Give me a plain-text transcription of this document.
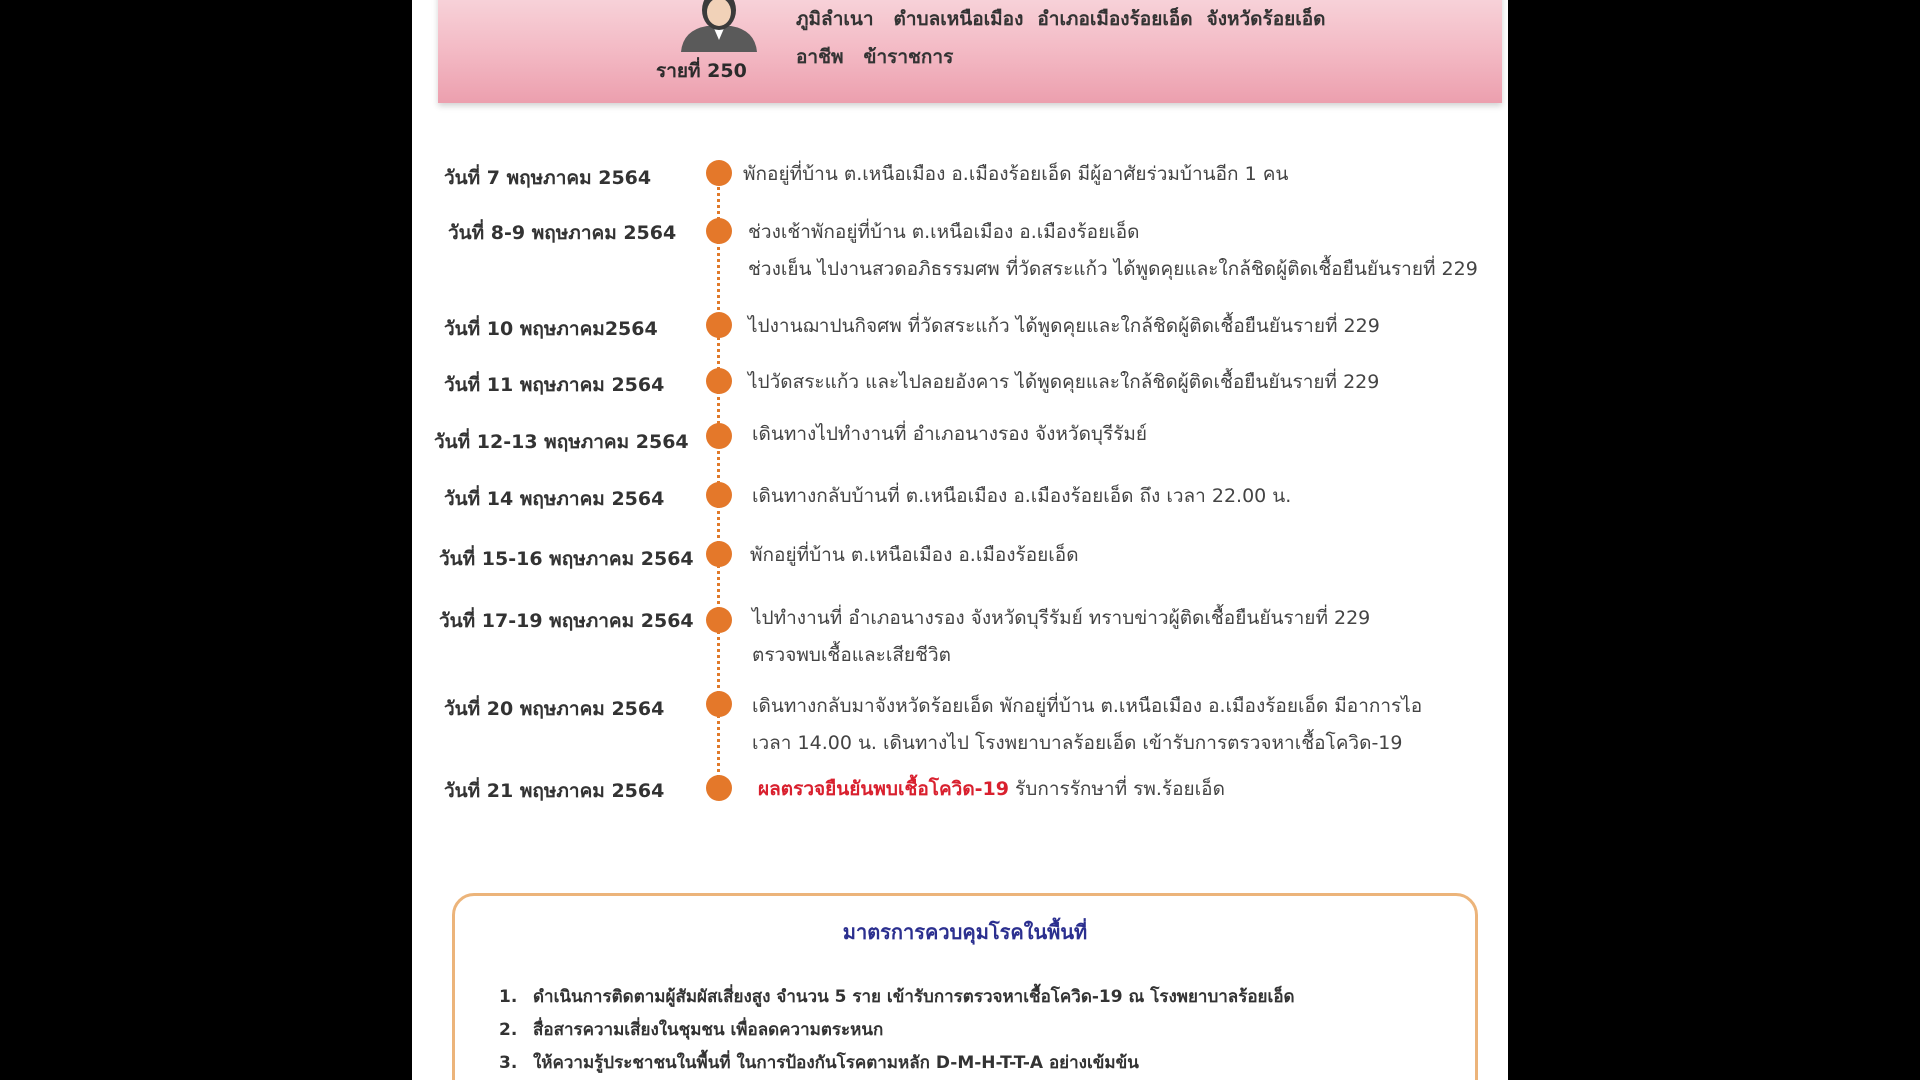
รายที่ 250
ภูมิลำเนา ตำบลเหนือเมือง อำเภอเมืองร้อยเอ็ด จังหวัดร้อยเอ็ด
อาชีพ ข้าราชการ
วันที่ 7 พฤษภาคม 2564	พักอยู่ที่บ้าน ต.เหนือเมือง อ.เมืองร้อยเอ็ด มีผู้อาศัยร่วมบ้านอีก 1 คน
วันที่ 8-9 พฤษภาคม 2564	ช่วงเช้าพักอยู่ที่บ้าน ต.เหนือเมือง อ.เมืองร้อยเอ็ด
ช่วงเย็น ไปงานสวดอภิธรรมศพ ที่วัดสระแก้ว ได้พูดคุยและใกล้ชิดผู้ติดเชื้อยืนยันรายที่ 229
วันที่ 10 พฤษภาคม2564	ไปงานฌาปนกิจศพ ที่วัดสระแก้ว ได้พูดคุยและใกล้ชิดผู้ติดเชื้อยืนยันรายที่ 229
วันที่ 11 พฤษภาคม 2564	ไปวัดสระแก้ว และไปลอยอังคาร ได้พูดคุยและใกล้ชิดผู้ติดเชื้อยืนยันรายที่ 229
วันที่ 12-13 พฤษภาคม 2564	เดินทางไปทำงานที่ อำเภอนางรอง จังหวัดบุรีรัมย์
วันที่ 14 พฤษภาคม 2564	เดินทางกลับบ้านที่ ต.เหนือเมือง อ.เมืองร้อยเอ็ด ถึง เวลา 22.00 น.
วันที่ 15-16 พฤษภาคม 2564	พักอยู่ที่บ้าน ต.เหนือเมือง อ.เมืองร้อยเอ็ด
วันที่ 17-19 พฤษภาคม 2564	ไปทำงานที่ อำเภอนางรอง จังหวัดบุรีรัมย์ ทราบข่าวผู้ติดเชื้อยืนยันรายที่ 229
ตรวจพบเชื้อและเสียชีวิต
วันที่ 20 พฤษภาคม 2564	เดินทางกลับมาจังหวัดร้อยเอ็ด พักอยู่ที่บ้าน ต.เหนือเมือง อ.เมืองร้อยเอ็ด มีอาการไอ
เวลา 14.00 น. เดินทางไป โรงพยาบาลร้อยเอ็ด เข้ารับการตรวจหาเชื้อโควิด-19
วันที่ 21 พฤษภาคม 2564	ผลตรวจยืนยันพบเชื้อโควิด-19 รับการรักษาที่ รพ.ร้อยเอ็ด
มาตรการควบคุมโรคในพื้นที่
1. ดำเนินการติดตามผู้สัมผัสเสี่ยงสูง จำนวน 5 ราย เข้ารับการตรวจหาเชื้อโควิด-19 ณ โรงพยาบาลร้อยเอ็ด
2. สื่อสารความเสี่ยงในชุมชน เพื่อลดความตระหนก
3. ให้ความรู้ประชาชนในพื้นที่ ในการป้องกันโรคตามหลัก D-M-H-T-T-A อย่างเข้มข้น
